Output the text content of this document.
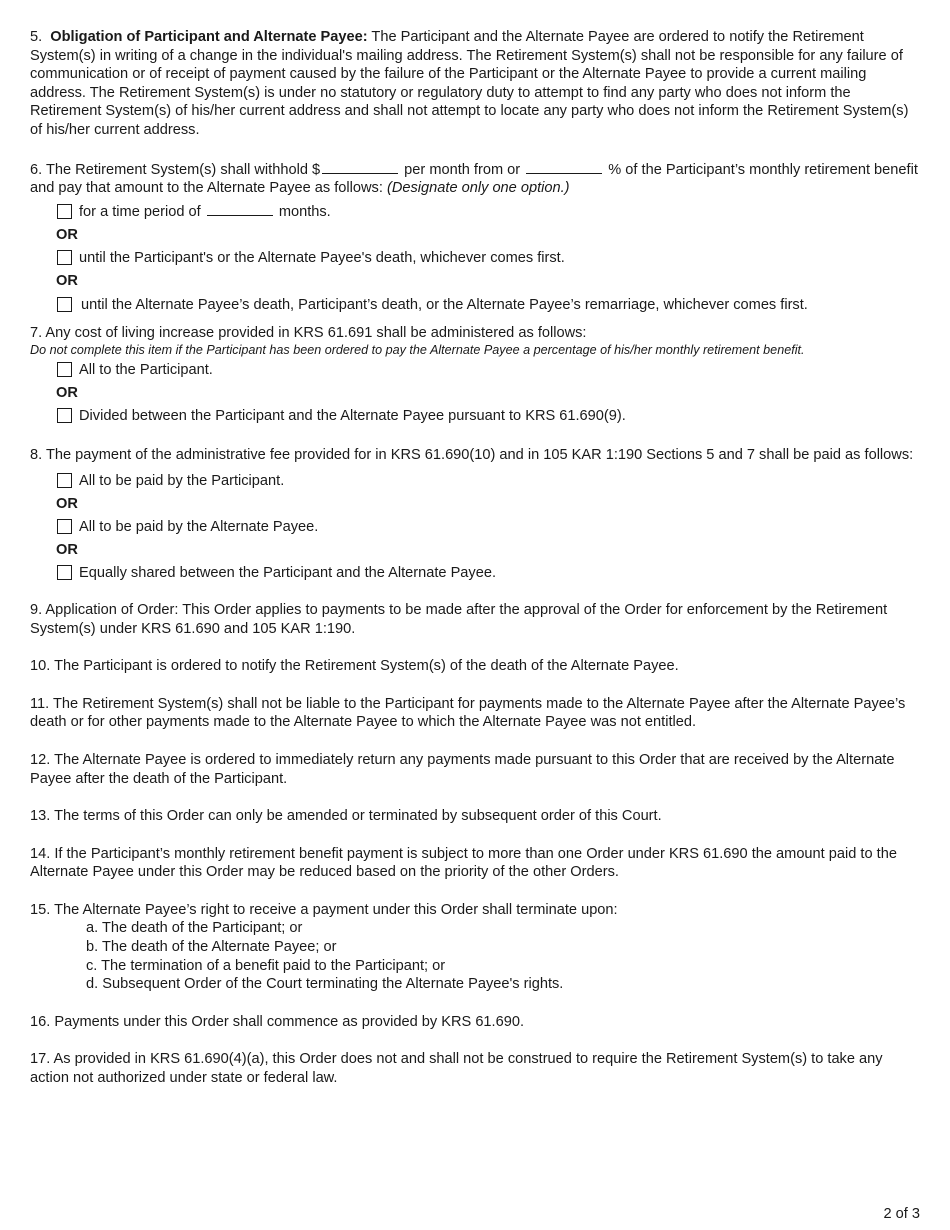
5. Obligation of Participant and Alternate Payee: The Participant and the Alternate Payee are ordered to notify the Retirement System(s) in writing of a change in the individual's mailing address. The Retirement System(s) shall not be responsible for any failure of communication or of receipt of payment caused by the failure of the Participant or the Alternate Payee to provide a current mailing address. The Retirement System(s) is under no statutory or regulatory duty to attempt to find any party who does not inform the Retirement System(s) of his/her current address and shall not attempt to locate any party who does not inform the Retirement System(s) of his/her current address.

6. The Retirement System(s) shall withhold $	per month from or	% of the Participant’s monthly retirement benefit and pay that amount to the Alternate Payee as follows: (Designate only one option.)

for a time period of	months.
OR
until the Participant's or the Alternate Payee's death, whichever comes first.
OR
until the Alternate Payee’s death, Participant’s death, or the Alternate Payee’s remarriage, whichever comes first.

7. Any cost of living increase provided in KRS 61.691 shall be administered as follows:

Do not complete this item if the Participant has been ordered to pay the Alternate Payee a percentage of his/her monthly retirement benefit.

All to the Participant.
OR
Divided between the Participant and the Alternate Payee pursuant to KRS 61.690(9).

8. The payment of the administrative fee provided for in KRS 61.690(10) and in 105 KAR 1:190 Sections 5 and 7 shall be paid as follows:

All to be paid by the Participant.
OR
All to be paid by the Alternate Payee.
OR
Equally shared between the Participant and the Alternate Payee.

9. Application of Order: This Order applies to payments to be made after the approval of the Order for enforcement by the Retirement System(s) under KRS 61.690 and 105 KAR 1:190.

10. The Participant is ordered to notify the Retirement System(s) of the death of the Alternate Payee.

11. The Retirement System(s) shall not be liable to the Participant for payments made to the Alternate Payee after the Alternate Payee’s death or for other payments made to the Alternate Payee to which the Alternate Payee was not entitled.

12. The Alternate Payee is ordered to immediately return any payments made pursuant to this Order that are received by the Alternate Payee after the death of the Participant.

13. The terms of this Order can only be amended or terminated by subsequent order of this Court.

14. If the Participant’s monthly retirement benefit payment is subject to more than one Order under KRS 61.690 the amount paid to the Alternate Payee under this Order may be reduced based on the priority of the other Orders.

15. The Alternate Payee’s right to receive a payment under this Order shall terminate upon:

a. The death of the Participant; or

b. The death of the Alternate Payee; or

c. The termination of a benefit paid to the Participant; or

d. Subsequent Order of the Court terminating the Alternate Payee's rights.

16. Payments under this Order shall commence as provided by KRS 61.690.

17. As provided in KRS 61.690(4)(a), this Order does not and shall not be construed to require the Retirement System(s) to take any action not authorized under state or federal law.

2 of 3
